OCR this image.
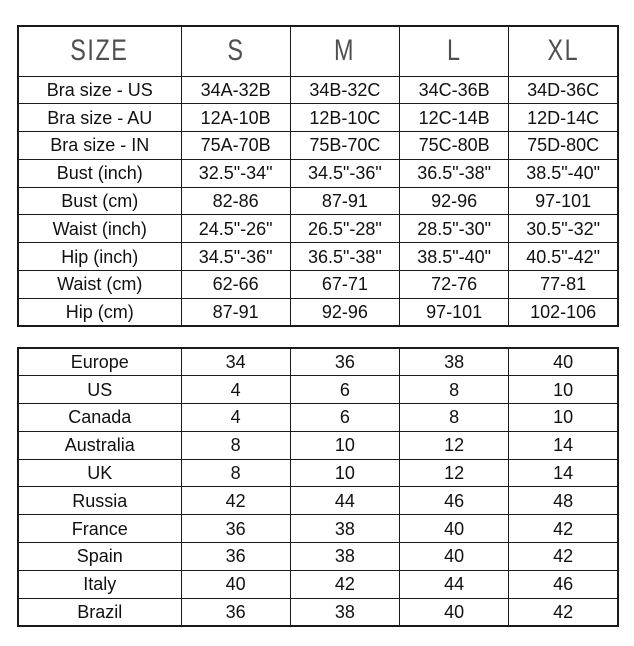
SIZE	S	M	L	XL
Bra size - US	34A-32B	34B-32C	34C-36B	34D-36C
Bra size - AU	12A-10B	12B-10C	12C-14B	12D-14C
Bra size - IN	75A-70B	75B-70C	75C-80B	75D-80C
Bust (inch)	32.5"-34"	34.5"-36"	36.5"-38"	38.5"-40"
Bust (cm)	82-86	87-91	92-96	97-101
Waist (inch)	24.5"-26"	26.5"-28"	28.5"-30"	30.5"-32"
Hip (inch)	34.5"-36"	36.5"-38"	38.5"-40"	40.5"-42"
Waist (cm)	62-66	67-71	72-76	77-81
Hip (cm)	87-91	92-96	97-101	102-106
Europe	34	36	38	40
US	4	6	8	10
Canada	4	6	8	10
Australia	8	10	12	14
UK	8	10	12	14
Russia	42	44	46	48
France	36	38	40	42
Spain	36	38	40	42
Italy	40	42	44	46
Brazil	36	38	40	42
